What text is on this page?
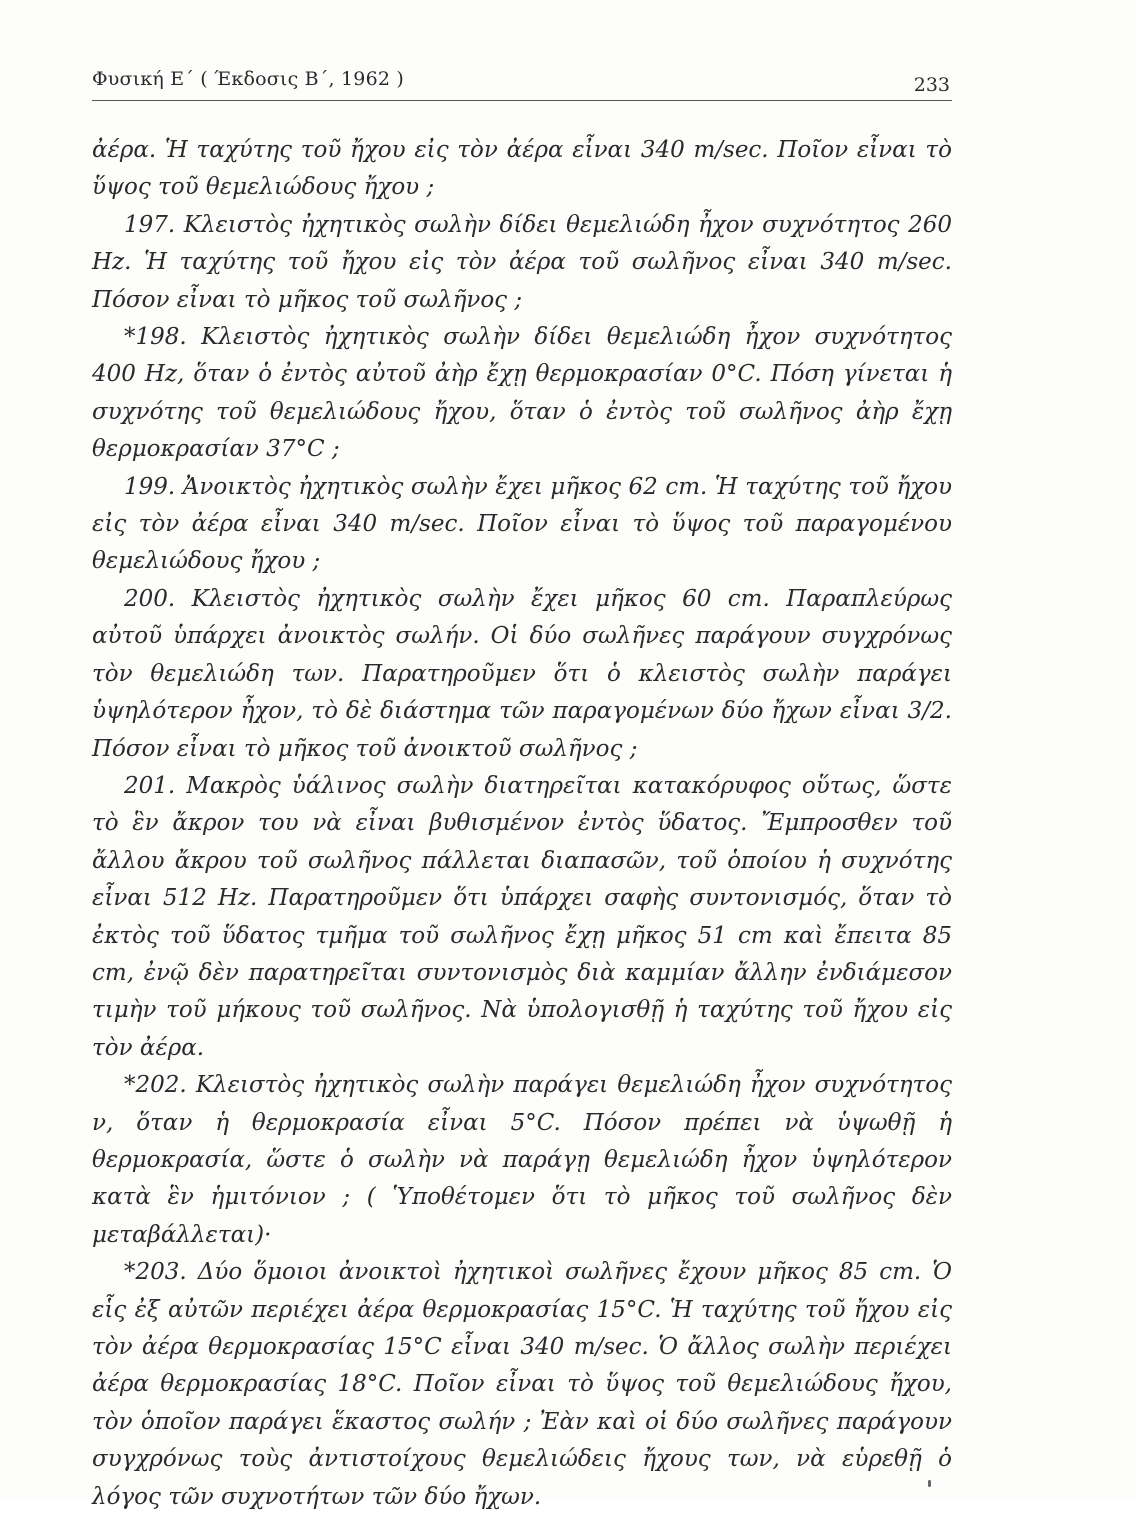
Φυσική Ε΄ ( Έκδοσις Β΄, 1962 )	233

ἀέρα. Ἡ ταχύτης τοῦ ἤχου εἰς τὸν ἀέρα εἶναι 340 m/sec. Ποῖον εἶναι τὸ ὕψος τοῦ θεμελιώδους ἤχου ;

197. Κλειστὸς ἠχητικὸς σωλὴν δίδει θεμελιώδη ἦχον συχνότητος 260 Hz. Ἡ ταχύτης τοῦ ἤχου εἰς τὸν ἀέρα τοῦ σωλῆνος εἶναι 340 m/sec. Πόσον εἶναι τὸ μῆκος τοῦ σωλῆνος ;

*198. Κλειστὸς ἠχητικὸς σωλὴν δίδει θεμελιώδη ἦχον συχνότητος 400 Hz, ὅταν ὁ ἐντὸς αὐτοῦ ἀὴρ ἔχῃ θερμοκρασίαν 0°C. Πόση γίνεται ἡ συχνότης τοῦ θεμελιώδους ἤχου, ὅταν ὁ ἐντὸς τοῦ σωλῆνος ἀὴρ ἔχῃ θερμοκρασίαν 37°C ;

199. Ἀνοικτὸς ἠχητικὸς σωλὴν ἔχει μῆκος 62 cm. Ἡ ταχύτης τοῦ ἤχου εἰς τὸν ἀέρα εἶναι 340 m/sec. Ποῖον εἶναι τὸ ὕψος τοῦ παραγομένου θεμελιώδους ἤχου ;

200. Κλειστὸς ἠχητικὸς σωλὴν ἔχει μῆκος 60 cm. Παραπλεύρως αὐτοῦ ὑπάρχει ἀνοικτὸς σωλήν. Οἱ δύο σωλῆνες παράγουν συγχρόνως τὸν θεμελιώδη των. Παρατηροῦμεν ὅτι ὁ κλειστὸς σωλὴν παράγει ὑψηλότερον ἦχον, τὸ δὲ διάστημα τῶν παραγομένων δύο ἤχων εἶναι 3/2. Πόσον εἶναι τὸ μῆκος τοῦ ἀνοικτοῦ σωλῆνος ;

201. Μακρὸς ὑάλινος σωλὴν διατηρεῖται κατακόρυφος οὕτως, ὥστε τὸ ἓν ἄκρον του νὰ εἶναι βυθισμένον ἐντὸς ὕδατος. Ἔμπροσθεν τοῦ ἄλλου ἄκρου τοῦ σωλῆνος πάλλεται διαπασῶν, τοῦ ὁποίου ἡ συχνότης εἶναι 512 Hz. Παρατηροῦμεν ὅτι ὑπάρχει σαφὴς συντονισμός, ὅταν τὸ ἐκτὸς τοῦ ὕδατος τμῆμα τοῦ σωλῆνος ἔχῃ μῆκος 51 cm καὶ ἔπειτα 85 cm, ἐνῷ δὲν παρατηρεῖται συντονισμὸς διὰ καμμίαν ἄλλην ἐνδιάμεσον τιμὴν τοῦ μήκους τοῦ σωλῆνος. Νὰ ὑπολογισθῇ ἡ ταχύτης τοῦ ἤχου εἰς τὸν ἀέρα.

*202. Κλειστὸς ἠχητικὸς σωλὴν παράγει θεμελιώδη ἦχον συχνότητος ν, ὅταν ἡ θερμοκρασία εἶναι 5°C. Πόσον πρέπει νὰ ὑψωθῇ ἡ θερμοκρασία, ὥστε ὁ σωλὴν νὰ παράγῃ θεμελιώδη ἦχον ὑψηλότερον κατὰ ἓν ἡμιτόνιον ; ( Ὑποθέτομεν ὅτι τὸ μῆκος τοῦ σωλῆνος δὲν μεταβάλλεται)·

*203. Δύο ὅμοιοι ἀνοικτοὶ ἠχητικοὶ σωλῆνες ἔχουν μῆκος 85 cm. Ὁ εἷς ἐξ αὐτῶν περιέχει ἀέρα θερμοκρασίας 15°C. Ἡ ταχύτης τοῦ ἤχου εἰς τὸν ἀέρα θερμοκρασίας 15°C εἶναι 340 m/sec. Ὁ ἄλλος σωλὴν περιέχει ἀέρα θερμοκρασίας 18°C. Ποῖον εἶναι τὸ ὕψος τοῦ θεμελιώδους ἤχου, τὸν ὁποῖον παράγει ἕκαστος σωλήν ; Ἐὰν καὶ οἱ δύο σωλῆνες παράγουν συγχρόνως τοὺς ἀντιστοίχους θεμελιώδεις ἤχους των, νὰ εὑρεθῇ ὁ λόγος τῶν συχνοτήτων τῶν δύο ἤχων.
